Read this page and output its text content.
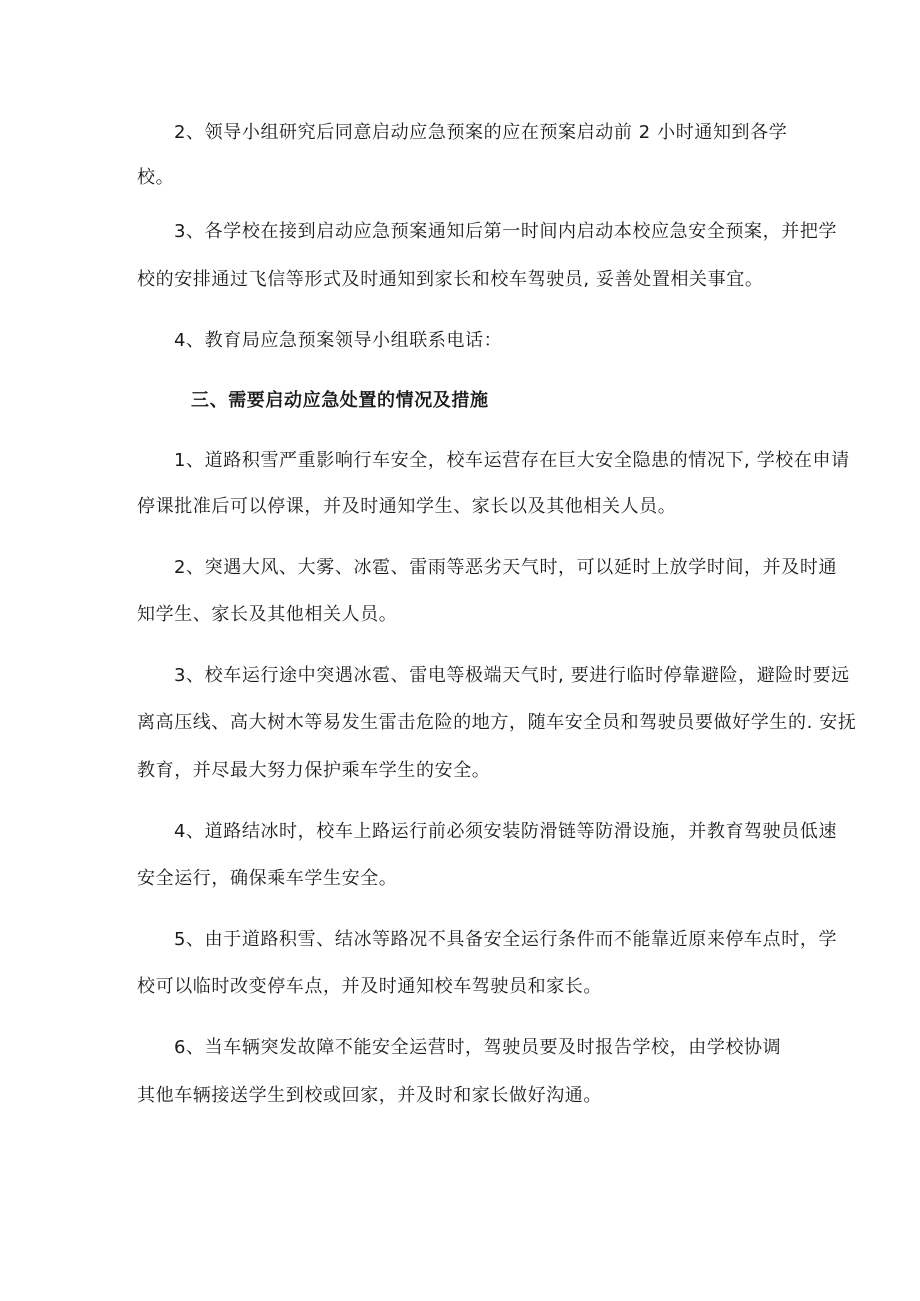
2、领导小组研究后同意启动应急预案的应在预案启动前 2 小时通知到各学
校。
3、各学校在接到启动应急预案通知后第一时间内启动本校应急安全预案，并把学
校的安排通过飞信等形式及时通知到家长和校车驾驶员, 妥善处置相关事宜。
4、教育局应急预案领导小组联系电话：
三、需要启动应急处置的情况及措施
1、道路积雪严重影响行车安全，校车运营存在巨大安全隐患的情况下, 学校在申请
停课批准后可以停课，并及时通知学生、家长以及其他相关人员。
2、突遇大风、大雾、冰雹、雷雨等恶劣天气时，可以延时上放学时间，并及时通
知学生、家长及其他相关人员。
3、校车运行途中突遇冰雹、雷电等极端天气时, 要进行临时停靠避险，避险时要远
离高压线、高大树木等易发生雷击危险的地方，随车安全员和驾驶员要做好学生的. 安抚
教育，并尽最大努力保护乘车学生的安全。
4、道路结冰时，校车上路运行前必须安装防滑链等防滑设施，并教育驾驶员低速
安全运行，确保乘车学生安全。
5、由于道路积雪、结冰等路况不具备安全运行条件而不能靠近原来停车点时，学
校可以临时改变停车点，并及时通知校车驾驶员和家长。
6、当车辆突发故障不能安全运营时，驾驶员要及时报告学校，由学校协调
其他车辆接送学生到校或回家，并及时和家长做好沟通。
